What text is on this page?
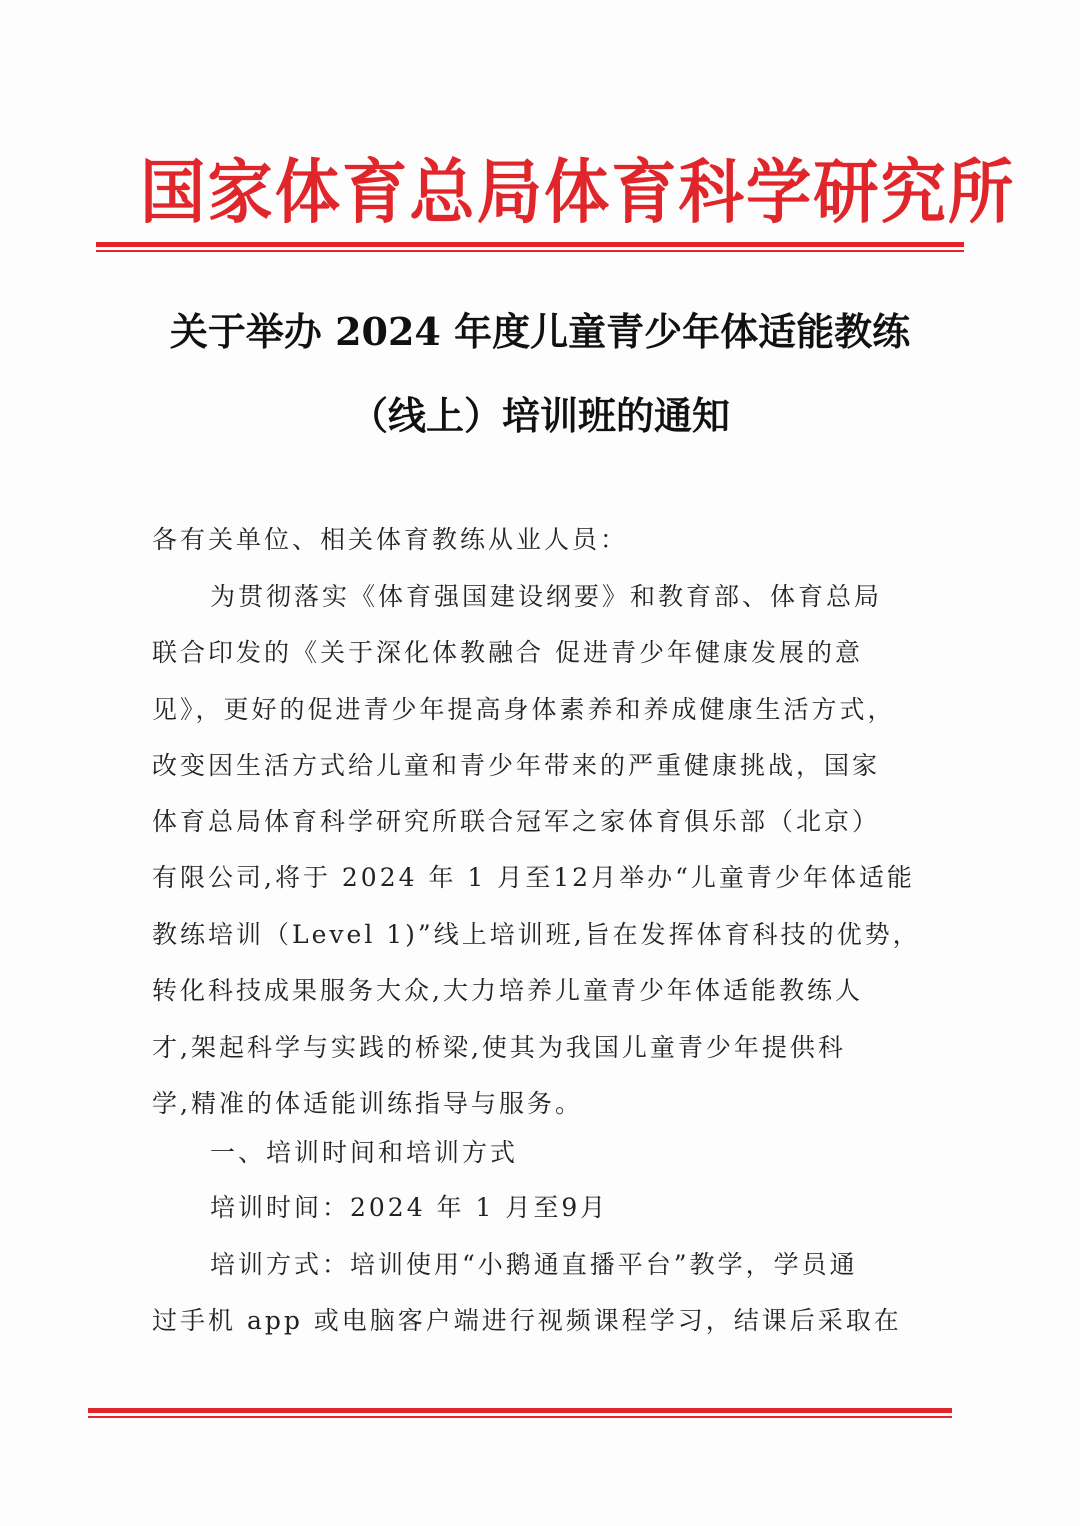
国家体育总局体育科学研究所
关于举办 2024 年度儿童青少年体适能教练
（线上）培训班的通知
各有关单位、相关体育教练从业人员：
为贯彻落实《体育强国建设纲要》和教育部、体育总局
联合印发的《关于深化体教融合 促进青少年健康发展的意
见》，更好的促进青少年提高身体素养和养成健康生活方式，
改变因生活方式给儿童和青少年带来的严重健康挑战，国家
体育总局体育科学研究所联合冠军之家体育俱乐部（北京）
有限公司,将于 2024 年 1 月至12月举办“儿童青少年体适能
教练培训（Level 1)”线上培训班,旨在发挥体育科技的优势，
转化科技成果服务大众,大力培养儿童青少年体适能教练人
才,架起科学与实践的桥梁,使其为我国儿童青少年提供科
学,精准的体适能训练指导与服务。
一、培训时间和培训方式
培训时间：2024 年 1 月至9月
培训方式：培训使用“小鹅通直播平台”教学，学员通
过手机 app 或电脑客户端进行视频课程学习，结课后采取在
